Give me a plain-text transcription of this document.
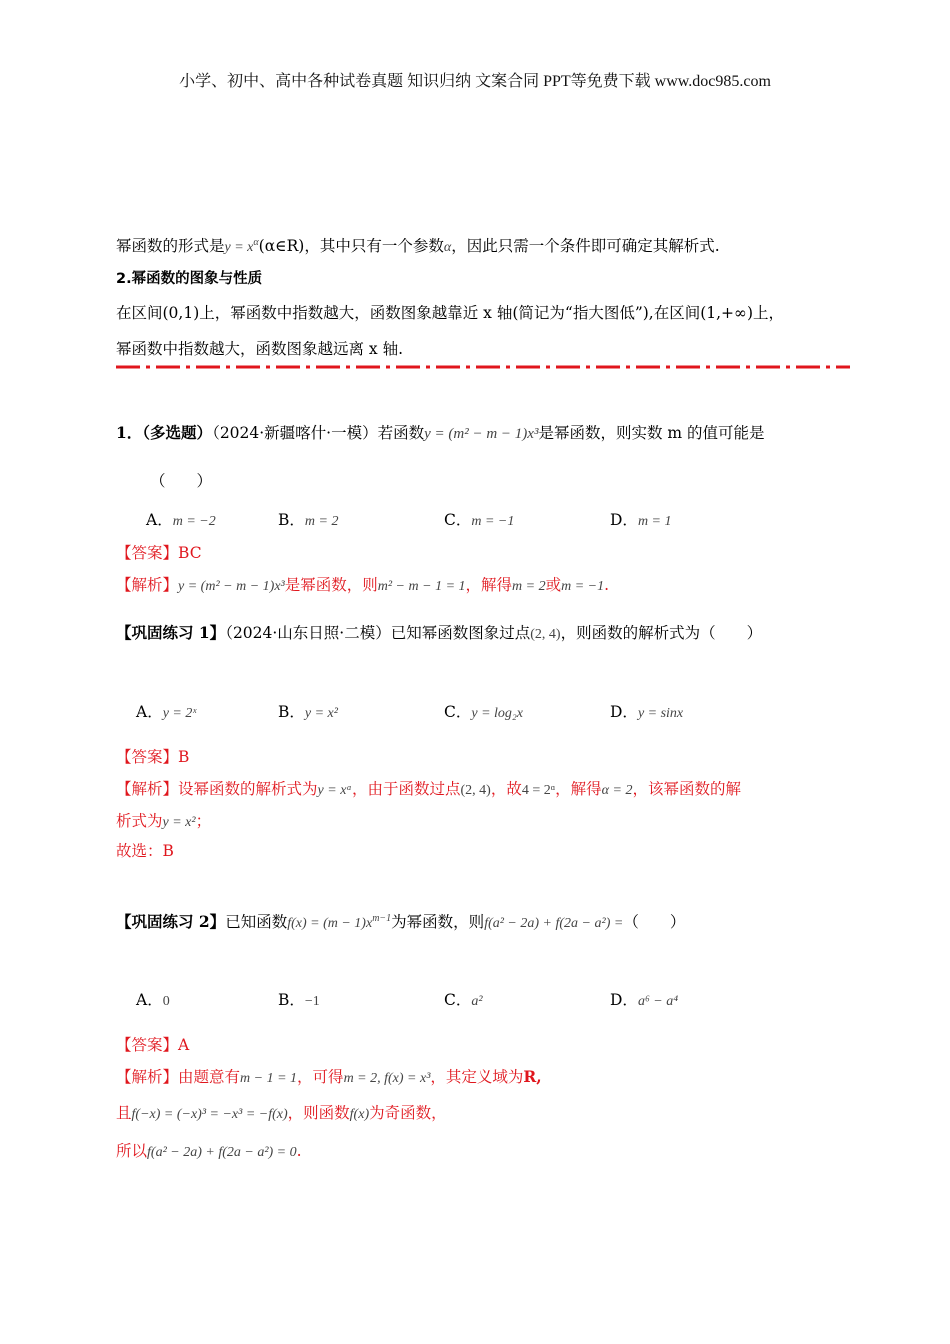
小学、初中、高中各种试卷真题 知识归纳 文案合同 PPT等免费下载 www.doc985.com
幂函数的形式是$y = x^\alpha(\alpha\in R)$，其中只有一个参数α，因此只需一个条件即可确定其解析式.
2.幂函数的图象与性质
在区间(0,1)上，幂函数中指数越大，函数图象越靠近 x 轴(简记为“指大图低”),在区间(1,+∞)上，
幂函数中指数越大，函数图象越远离 x 轴.
1．（多选题）（2024·新疆喀什·一模）若函数y = (m² − m − 1)x³是幂函数，则实数 m 的值可能是
（　　）
A．m = −2	B．m = 2	C．m = −1	D．m = 1
【答案】BC
【解析】y = (m² − m − 1)x³是幂函数，则m² − m − 1 = 1，解得m = 2或m = −1.
【巩固练习 1】（2024·山东日照·二模）已知幂函数图象过点(2, 4)，则函数的解析式为（　　）
A．y = 2ˣ	B．y = x²	C．y = log₂x	D．y = sinx
【答案】B
【解析】设幂函数的解析式为y = xᵅ，由于函数过点(2, 4)，故4 = 2ᵅ，解得α = 2，该幂函数的解
析式为y = x²；
故选：B
【巩固练习 2】已知函数$f(x) = (m - 1)x^{m-1}$为幂函数，则f(a² − 2a) + f(2a − a²) =（　　）
A．0	B．−1	C．a²	D．a⁶ − a⁴
【答案】A
【解析】由题意有m − 1 = 1，可得m = 2, f(x) = x³，其定义域为R,
且f(−x) = (−x)³ = −x³ = −f(x)，则函数f(x)为奇函数，
所以f(a² − 2a) + f(2a − a²) = 0.
